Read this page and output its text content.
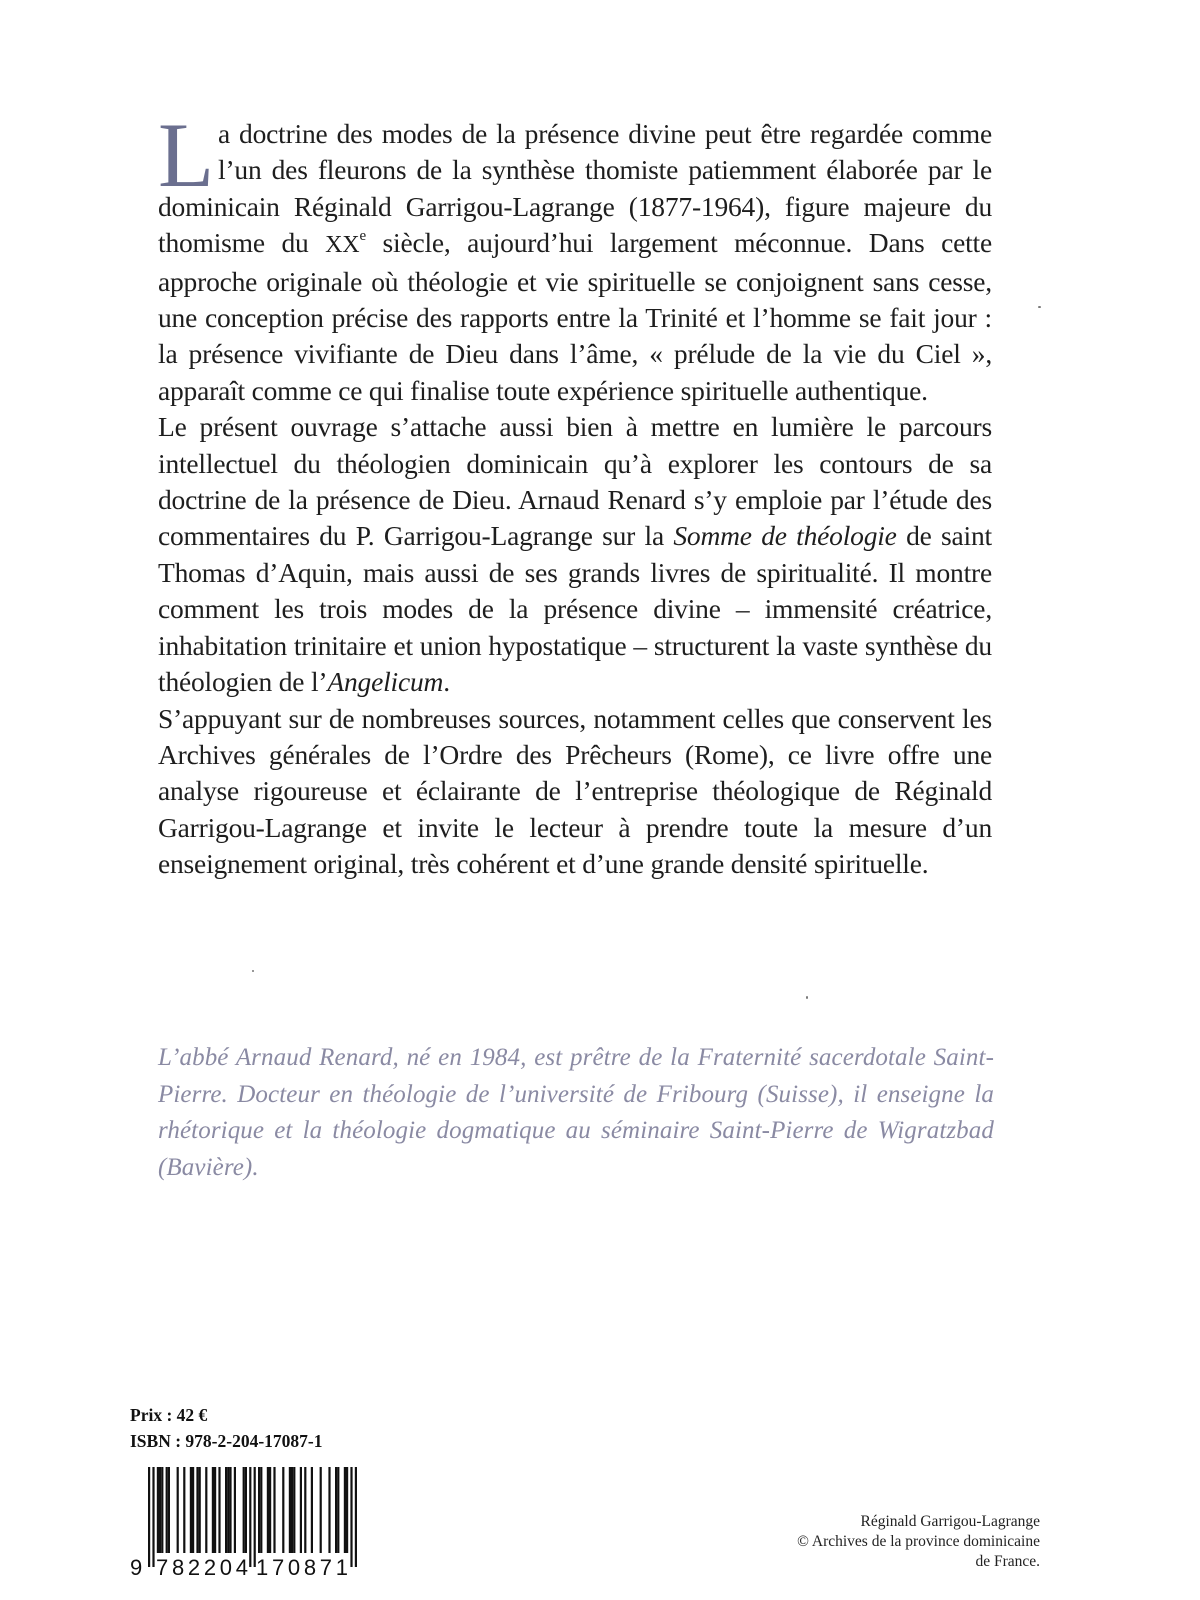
La doctrine des modes de la présence divine peut être regardée comme l’un des fleurons de la synthèse thomiste patiemment élaborée par le dominicain Réginald Garrigou-Lagrange (1877-1964), figure majeure du thomisme du XXe siècle, aujourd’hui largement méconnue. Dans cette approche originale où théologie et vie spirituelle se conjoignent sans cesse, une conception précise des rapports entre la Trinité et l’homme se fait jour : la présence vivifiante de Dieu dans l’âme, « prélude de la vie du Ciel », apparaît comme ce qui finalise toute expérience spirituelle authentique.

Le présent ouvrage s’attache aussi bien à mettre en lumière le parcours intellectuel du théologien dominicain qu’à explorer les contours de sa doctrine de la présence de Dieu. Arnaud Renard s’y emploie par l’étude des commentaires du P. Garrigou-Lagrange sur la Somme de théologie de saint Thomas d’Aquin, mais aussi de ses grands livres de spiritualité. Il montre comment les trois modes de la présence divine – immensité créatrice, inhabitation trinitaire et union hypostatique – structurent la vaste synthèse du théologien de l’Angelicum.

S’appuyant sur de nombreuses sources, notamment celles que conservent les Archives générales de l’Ordre des Prêcheurs (Rome), ce livre offre une analyse rigoureuse et éclairante de l’entreprise théologique de Réginald Garrigou-Lagrange et invite le lecteur à prendre toute la mesure d’un enseignement original, très cohérent et d’une grande densité spirituelle.

L’abbé Arnaud Renard, né en 1984, est prêtre de la Fraternité sacerdotale Saint-Pierre. Docteur en théologie de l’université de Fribourg (Suisse), il enseigne la rhétorique et la théologie dogmatique au séminaire Saint-Pierre de Wigratzbad (Bavière).
Prix : 42 €
ISBN : 978-2-204-17087-1
9 782204 170871
Réginald Garrigou-Lagrange
© Archives de la province dominicaine
de France.
